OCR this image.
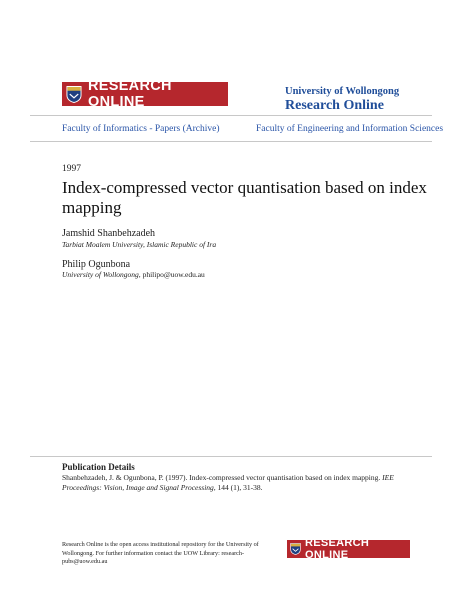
RESEARCH ONLINE
University of Wollongong
Research Online
Faculty of Informatics - Papers (Archive)	Faculty of Engineering and Information Sciences
1997
Index-compressed vector quantisation based on index mapping
Jamshid Shanbehzadeh
Tarbiat Moalem University, Islamic Republic of Ira
Philip Ogunbona
University of Wollongong, philipo@uow.edu.au
Publication Details
Shanbehzadeh, J. & Ogunbona, P. (1997). Index-compressed vector quantisation based on index mapping. IEE Proceedings: Vision, Image and Signal Processing, 144 (1), 31-38.
Research Online is the open access institutional repository for the University of Wollongong. For further information contact the UOW Library: research-pubs@uow.edu.au
RESEARCH ONLINE
